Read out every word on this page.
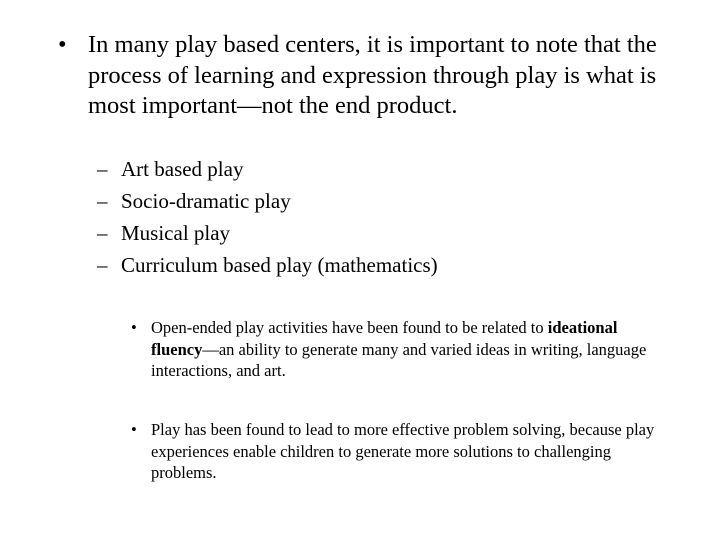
• In many play based centers, it is important to note that the process of learning and expression through play is what is most important—not the end product.
– Art based play
– Socio-dramatic play
– Musical play
– Curriculum based play (mathematics)
• Open-ended play activities have been found to be related to ideational fluency—an ability to generate many and varied ideas in writing, language interactions, and art.
• Play has been found to lead to more effective problem solving, because play experiences enable children to generate more solutions to challenging problems.
